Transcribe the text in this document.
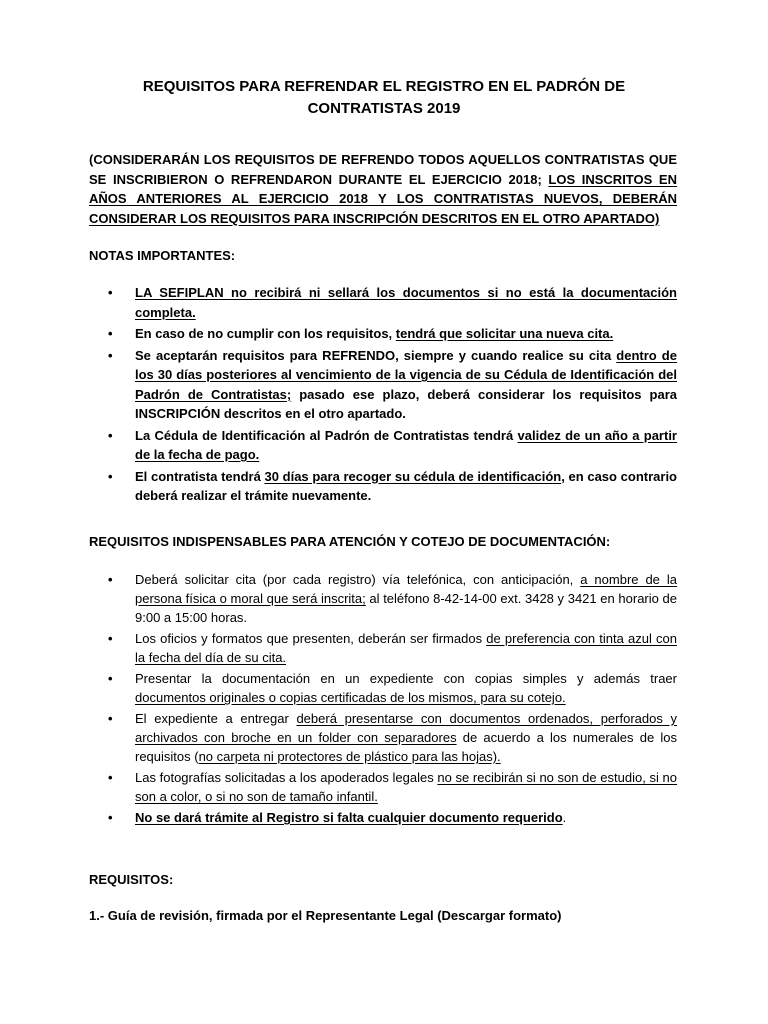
REQUISITOS PARA REFRENDAR EL REGISTRO EN EL PADRÓN DE CONTRATISTAS 2019
(CONSIDERARÁN LOS REQUISITOS DE REFRENDO TODOS AQUELLOS CONTRATISTAS QUE SE INSCRIBIERON O REFRENDARON DURANTE EL EJERCICIO 2018; LOS INSCRITOS EN AÑOS ANTERIORES AL EJERCICIO 2018 Y LOS CONTRATISTAS NUEVOS, DEBERÁN CONSIDERAR LOS REQUISITOS PARA INSCRIPCIÓN DESCRITOS EN EL OTRO APARTADO)
NOTAS IMPORTANTES:
• LA SEFIPLAN no recibirá ni sellará los documentos si no está la documentación completa.
• En caso de no cumplir con los requisitos, tendrá que solicitar una nueva cita.
• Se aceptarán requisitos para REFRENDO, siempre y cuando realice su cita dentro de los 30 días posteriores al vencimiento de la vigencia de su Cédula de Identificación del Padrón de Contratistas; pasado ese plazo, deberá considerar los requisitos para INSCRIPCIÓN descritos en el otro apartado.
• La Cédula de Identificación al Padrón de Contratistas tendrá validez de un año a partir de la fecha de pago.
• El contratista tendrá 30 días para recoger su cédula de identificación, en caso contrario deberá realizar el trámite nuevamente.
REQUISITOS INDISPENSABLES PARA ATENCIÓN Y COTEJO DE DOCUMENTACIÓN:
• Deberá solicitar cita (por cada registro) vía telefónica, con anticipación, a nombre de la persona física o moral que será inscrita; al teléfono 8-42-14-00 ext. 3428 y 3421 en horario de 9:00 a 15:00 horas.
• Los oficios y formatos que presenten, deberán ser firmados de preferencia con tinta azul con la fecha del día de su cita.
• Presentar la documentación en un expediente con copias simples y además traer documentos originales o copias certificadas de los mismos, para su cotejo.
• El expediente a entregar deberá presentarse con documentos ordenados, perforados y archivados con broche en un folder con separadores de acuerdo a los numerales de los requisitos (no carpeta ni protectores de plástico para las hojas).
• Las fotografías solicitadas a los apoderados legales no se recibirán si no son de estudio, si no son a color, o si no son de tamaño infantil.
• No se dará trámite al Registro si falta cualquier documento requerido.
REQUISITOS:
1.- Guía de revisión, firmada por el Representante Legal (Descargar formato)
